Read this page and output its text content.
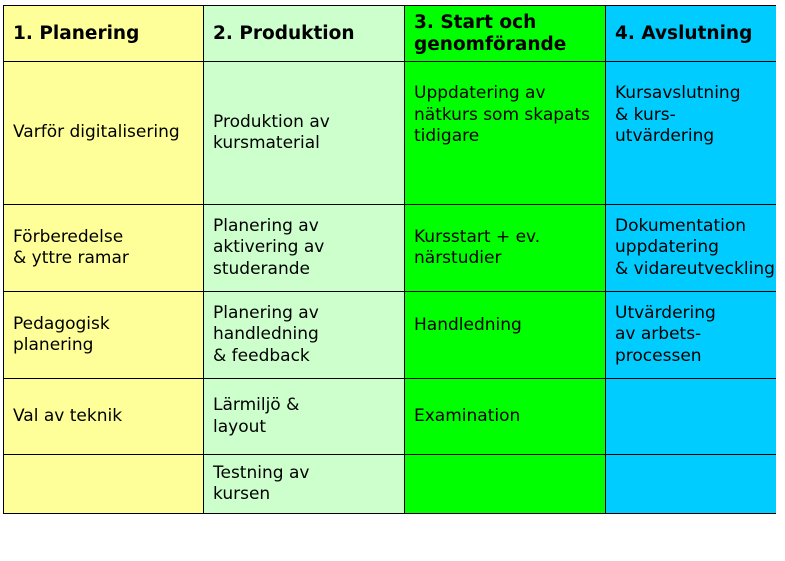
1. Planering	2. Produktion	3. Start och
genomförande	4. Avslutning

Varför digitalisering	Produktion av
kursmaterial	Uppdatering av
nätkurs som skapats
tidigare	Kursavslutning
& kurs-
utvärdering

Förberedelse
& yttre ramar	Planering av
aktivering av
studerande	Kursstart + ev.
närstudier	Dokumentation
uppdatering
& vidareutveckling

Pedagogisk
planering	Planering av
handledning
& feedback	Handledning	Utvärdering
av arbets-
processen

Val av teknik	Lärmiljö &
layout	Examination	

	Testning av
kursen		
